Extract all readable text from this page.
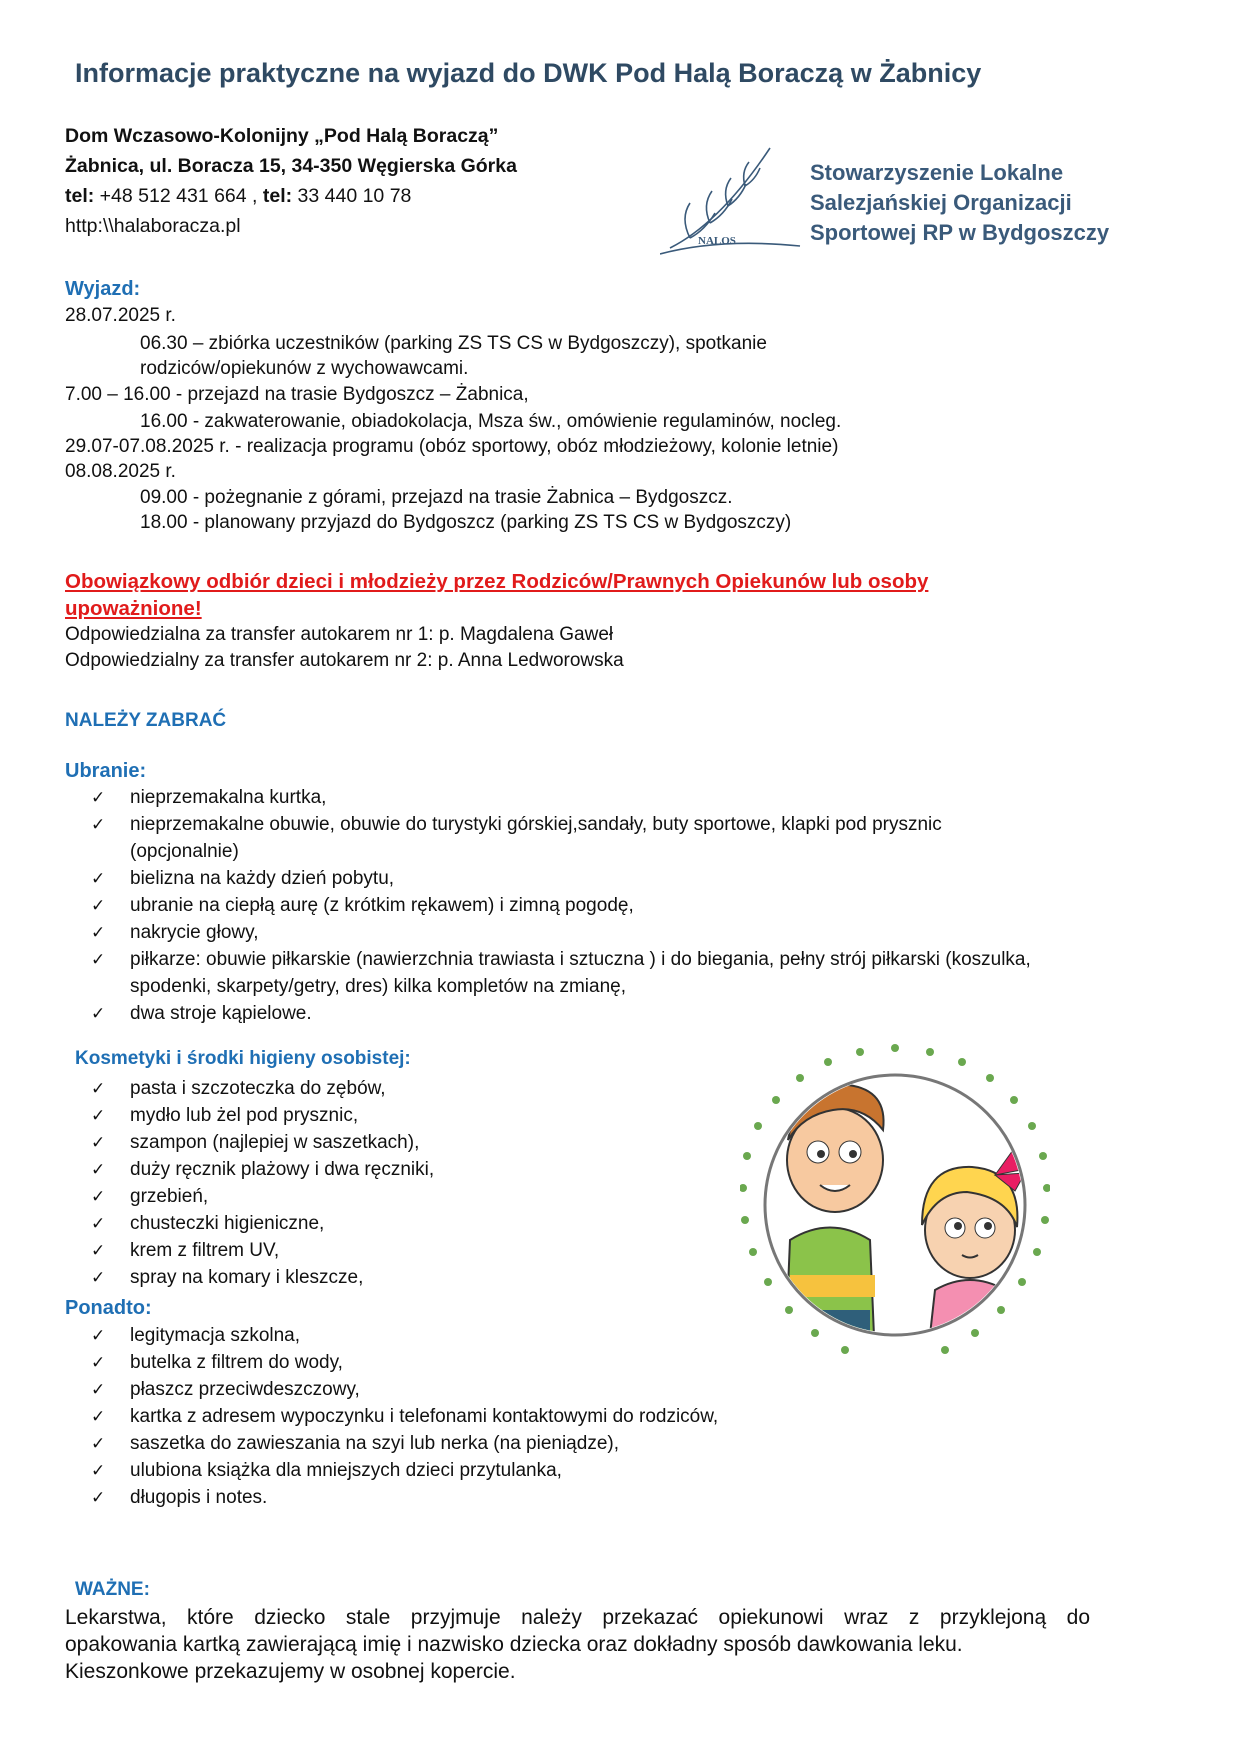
Informacje praktyczne na wyjazd do DWK Pod Halą Boraczą w Żabnicy
Dom Wczasowo-Kolonijny „Pod Halą Boraczą”
Żabnica, ul. Boracza 15, 34-350 Węgierska Górka
tel: +48 512 431 664 , tel: 33 440 10 78
http:\\halaboracza.pl
NALOS
Stowarzyszenie Lokalne
Salezjańskiej Organizacji
Sportowej RP w Bydgoszczy
Wyjazd:
28.07.2025 r.
06.30 – zbiórka uczestników (parking ZS TS CS w Bydgoszczy), spotkanie
rodziców/opiekunów z wychowawcami.
7.00 – 16.00 - przejazd na trasie Bydgoszcz – Żabnica,
16.00 - zakwaterowanie, obiadokolacja, Msza św., omówienie regulaminów, nocleg.
29.07-07.08.2025 r. - realizacja programu (obóz sportowy, obóz młodzieżowy, kolonie letnie)
08.08.2025 r.
09.00 - pożegnanie z górami, przejazd na trasie Żabnica – Bydgoszcz.
18.00 - planowany przyjazd do Bydgoszcz (parking ZS TS CS w Bydgoszczy)
Obowiązkowy odbiór dzieci i młodzieży przez Rodziców/Prawnych Opiekunów lub osoby
upoważnione!
Odpowiedzialna za transfer autokarem nr 1: p. Magdalena Gaweł
Odpowiedzialny za transfer autokarem nr 2: p. Anna Ledworowska
NALEŻY ZABRAĆ
Ubranie:
✓ nieprzemakalna kurtka,
✓ nieprzemakalne obuwie, obuwie do turystyki górskiej,sandały, buty sportowe, klapki pod prysznic
(opcjonalnie)
✓ bielizna na każdy dzień pobytu,
✓ ubranie na ciepłą aurę (z krótkim rękawem) i zimną pogodę,
✓ nakrycie głowy,
✓ piłkarze: obuwie piłkarskie (nawierzchnia trawiasta i sztuczna ) i do biegania, pełny strój piłkarski (koszulka,
spodenki, skarpety/getry, dres) kilka kompletów na zmianę,
✓ dwa stroje kąpielowe.
Kosmetyki i środki higieny osobistej:
✓ pasta i szczoteczka do zębów,
✓ mydło lub żel pod prysznic,
✓ szampon (najlepiej w saszetkach),
✓ duży ręcznik plażowy i dwa ręczniki,
✓ grzebień,
✓ chusteczki higieniczne,
✓ krem z filtrem UV,
✓ spray na komary i kleszcze,
Ponadto:
✓ legitymacja szkolna,
✓ butelka z filtrem do wody,
✓ płaszcz przeciwdeszczowy,
✓ kartka z adresem wypoczynku i telefonami kontaktowymi do rodziców,
✓ saszetka do zawieszania na szyi lub nerka (na pieniądze),
✓ ulubiona książka dla mniejszych dzieci przytulanka,
✓ długopis i notes.
WAŻNE:
Lekarstwa, które dziecko stale przyjmuje należy przekazać opiekunowi wraz z przyklejoną do
opakowania kartką zawierającą imię i nazwisko dziecka oraz dokładny sposób dawkowania leku.
Kieszonkowe przekazujemy w osobnej kopercie.
